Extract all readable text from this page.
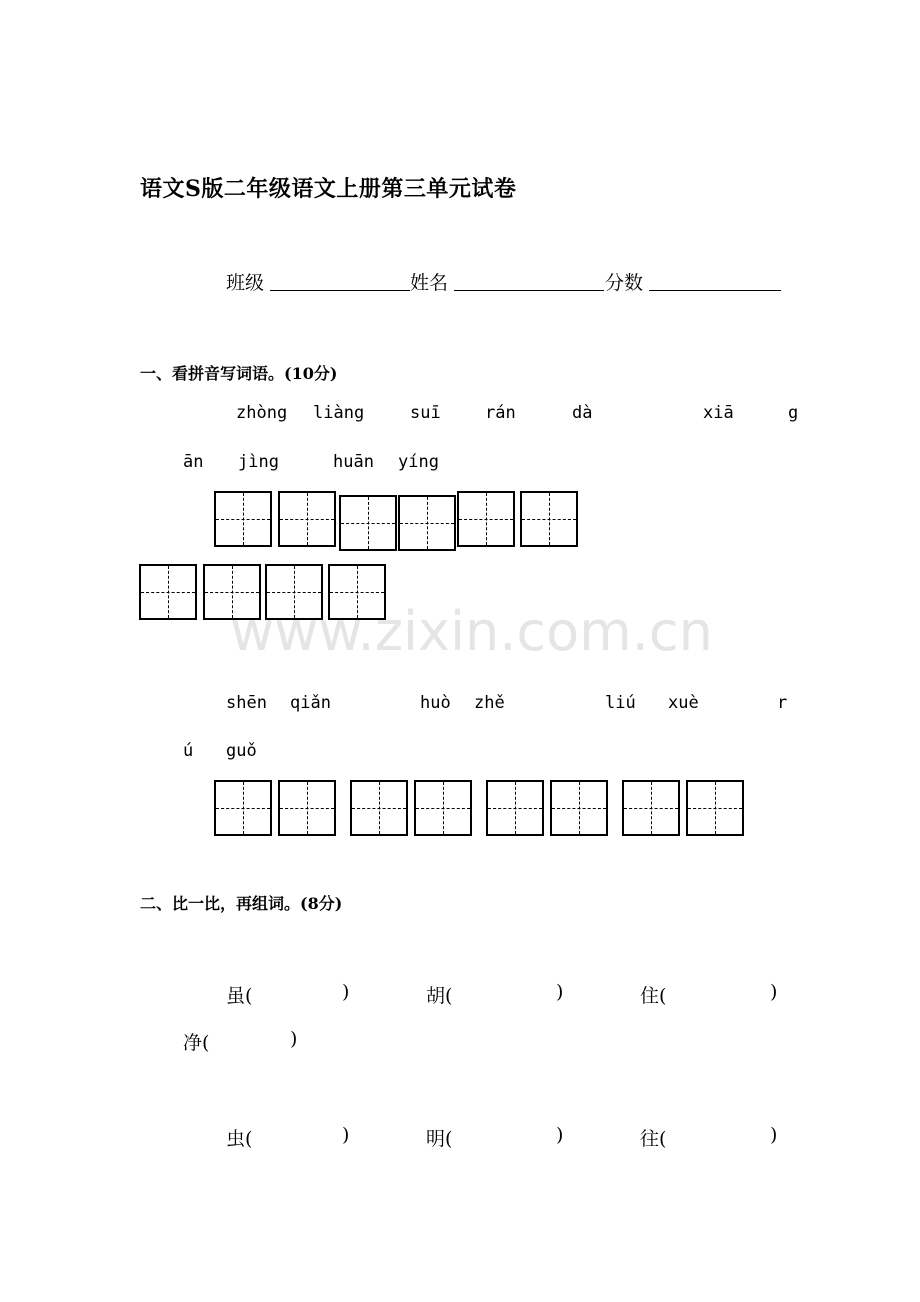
语文S版二年级语文上册第三单元试卷
班级	姓名	分数
一、看拼音写词语。(10分)
zhòng liàng	suī	rán	dà	xiā	g
ān jìng	huān yíng
www.zixin.com.cn
shēn qiǎn	huò zhě	liú xuè	r
ú guǒ
二、比一比，再组词。(8分)
虽(	)	胡(	)	住(	)
净(	)
虫(	)	明(	)	往(	)
